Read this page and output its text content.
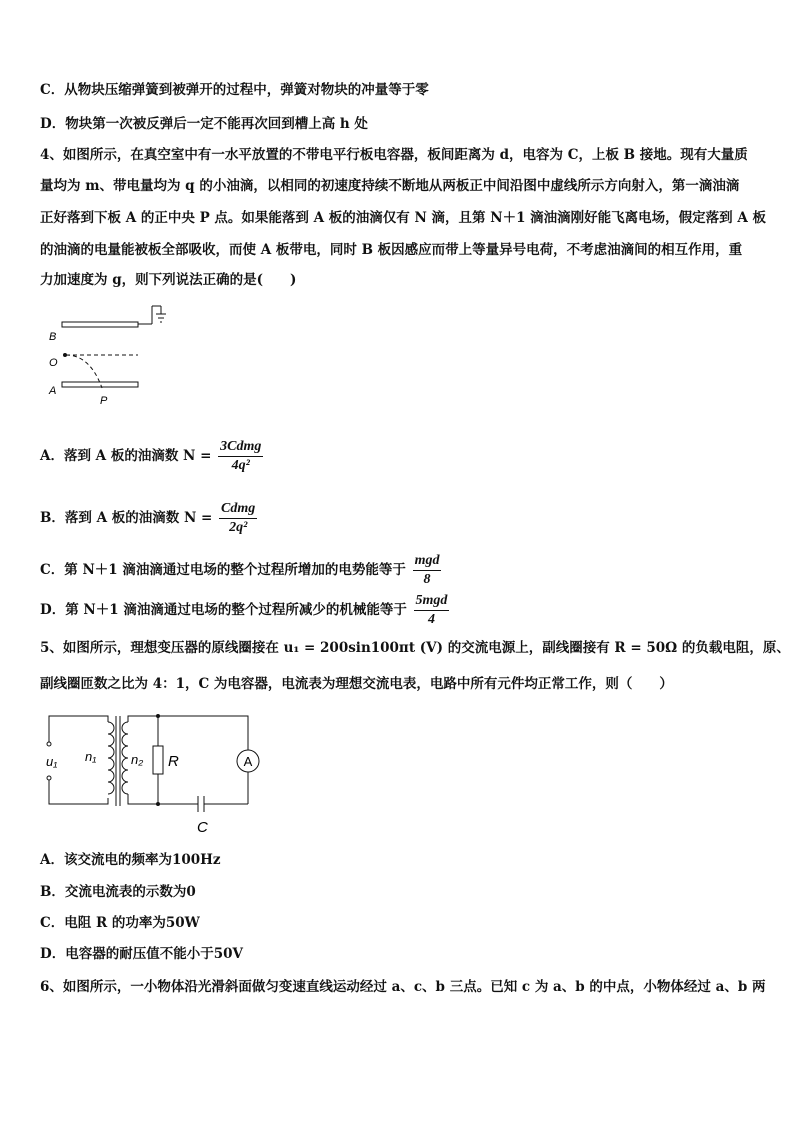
C．从物块压缩弹簧到被弹开的过程中，弹簧对物块的冲量等于零
D．物块第一次被反弹后一定不能再次回到槽上高 h 处
4、如图所示，在真空室中有一水平放置的不带电平行板电容器，板间距离为 d，电容为 C，上板 B 接地。现有大量质
量均为 m、带电量均为 q 的小油滴，以相同的初速度持续不断地从两板正中间沿图中虚线所示方向射入，第一滴油滴
正好落到下板 A 的正中央 P 点。如果能落到 A 板的油滴仅有 N 滴，且第 N＋1 滴油滴刚好能飞离电场，假定落到 A 板
的油滴的电量能被板全部吸收，而使 A 板带电，同时 B 板因感应而带上等量异号电荷，不考虑油滴间的相互作用，重
力加速度为 g，则下列说法正确的是(　　)
B
O
A
P
A．落到 A 板的油滴数 $N = \frac{\text{3Cdmg}}{\text{4q²}}$
B．落到 A 板的油滴数 $N = \frac{\text{Cdmg}}{\text{2q²}}$
C．第 N＋1 滴油滴通过电场的整个过程所增加的电势能等于 $\frac{\text{mgd}}{8}$
D．第 N＋1 滴油滴通过电场的整个过程所减少的机械能等于 $\frac{\text{5mgd}}{4}$
5、如图所示，理想变压器的原线圈接在 u₁ = 200sin100πt (V) 的交流电源上，副线圈接有 R = 50Ω 的负载电阻，原、
副线圈匝数之比为 4：1，C 为电容器，电流表为理想交流电表，电路中所有元件均正常工作，则（　　）
A
u₁ n₁	n₂ R
C
A．该交流电的频率为100Hz
B．交流电流表的示数为0
C．电阻 R 的功率为50W
D．电容器的耐压值不能小于50V
6、如图所示，一小物体沿光滑斜面做匀变速直线运动经过 a、c、b 三点。已知 c 为 a、b 的中点，小物体经过 a、b 两
